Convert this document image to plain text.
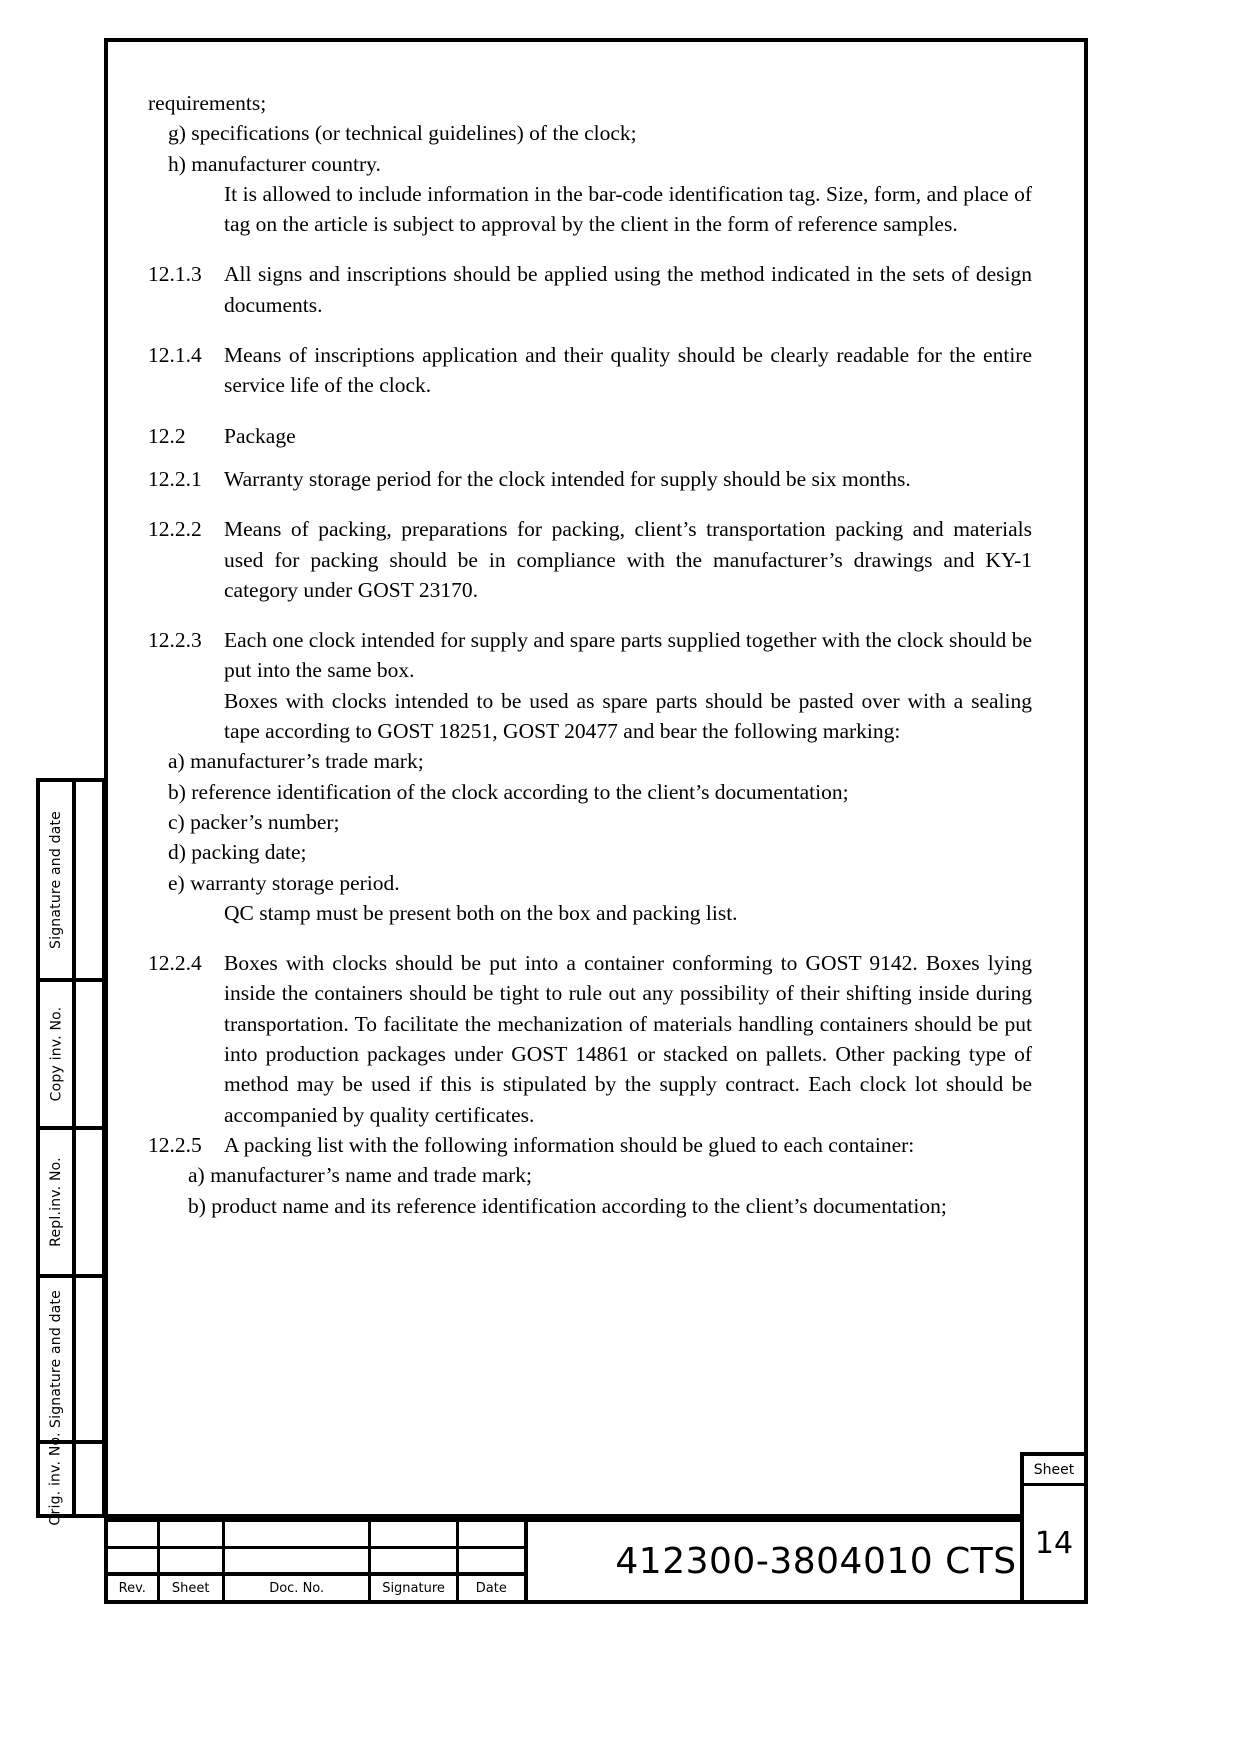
requirements;
g) specifications (or technical guidelines) of the clock;
h) manufacturer country.
It is allowed to include information in the bar-code identification tag. Size, form, and place of tag on the article is subject to approval by the client in the form of reference samples.
12.1.3	All signs and inscriptions should be applied using the method indicated in the sets of design documents.
12.1.4	Means of inscriptions application and their quality should be clearly readable for the entire service life of the clock.
12.2	Package
12.2.1	Warranty storage period for the clock intended for supply should be six months.
12.2.2	Means of packing, preparations for packing, client’s transportation packing and materials used for packing should be in compliance with the manufacturer’s drawings and KY-1 category under GOST 23170.
12.2.3	Each one clock intended for supply and spare parts supplied together with the clock should be put into the same box.
Boxes with clocks intended to be used as spare parts should be pasted over with a sealing tape according to GOST 18251, GOST 20477 and bear the following marking:
a) manufacturer’s trade mark;
b) reference identification of the clock according to the client’s documentation;
c) packer’s number;
d) packing date;
e) warranty storage period.
QC stamp must be present both on the box and packing list.
12.2.4	Boxes with clocks should be put into a container conforming to GOST 9142. Boxes lying inside the containers should be tight to rule out any possibility of their shifting inside during transportation. To facilitate the mechanization of materials handling containers should be put into production packages under GOST 14861 or stacked on pallets. Other packing type of method may be used if this is stipulated by the supply contract. Each clock lot should be accompanied by quality certificates.
12.2.5	A packing list with the following information should be glued to each container:
a) manufacturer’s name and trade mark;
b) product name and its reference identification according to the client’s documentation;
Signature and date
Copy inv. No.
Repl.inv. No.
Signature and date
Orig. inv. No.
Rev.	Sheet	Doc. No.	Signature	Date
412300-3804010 CTS
Sheet
14
